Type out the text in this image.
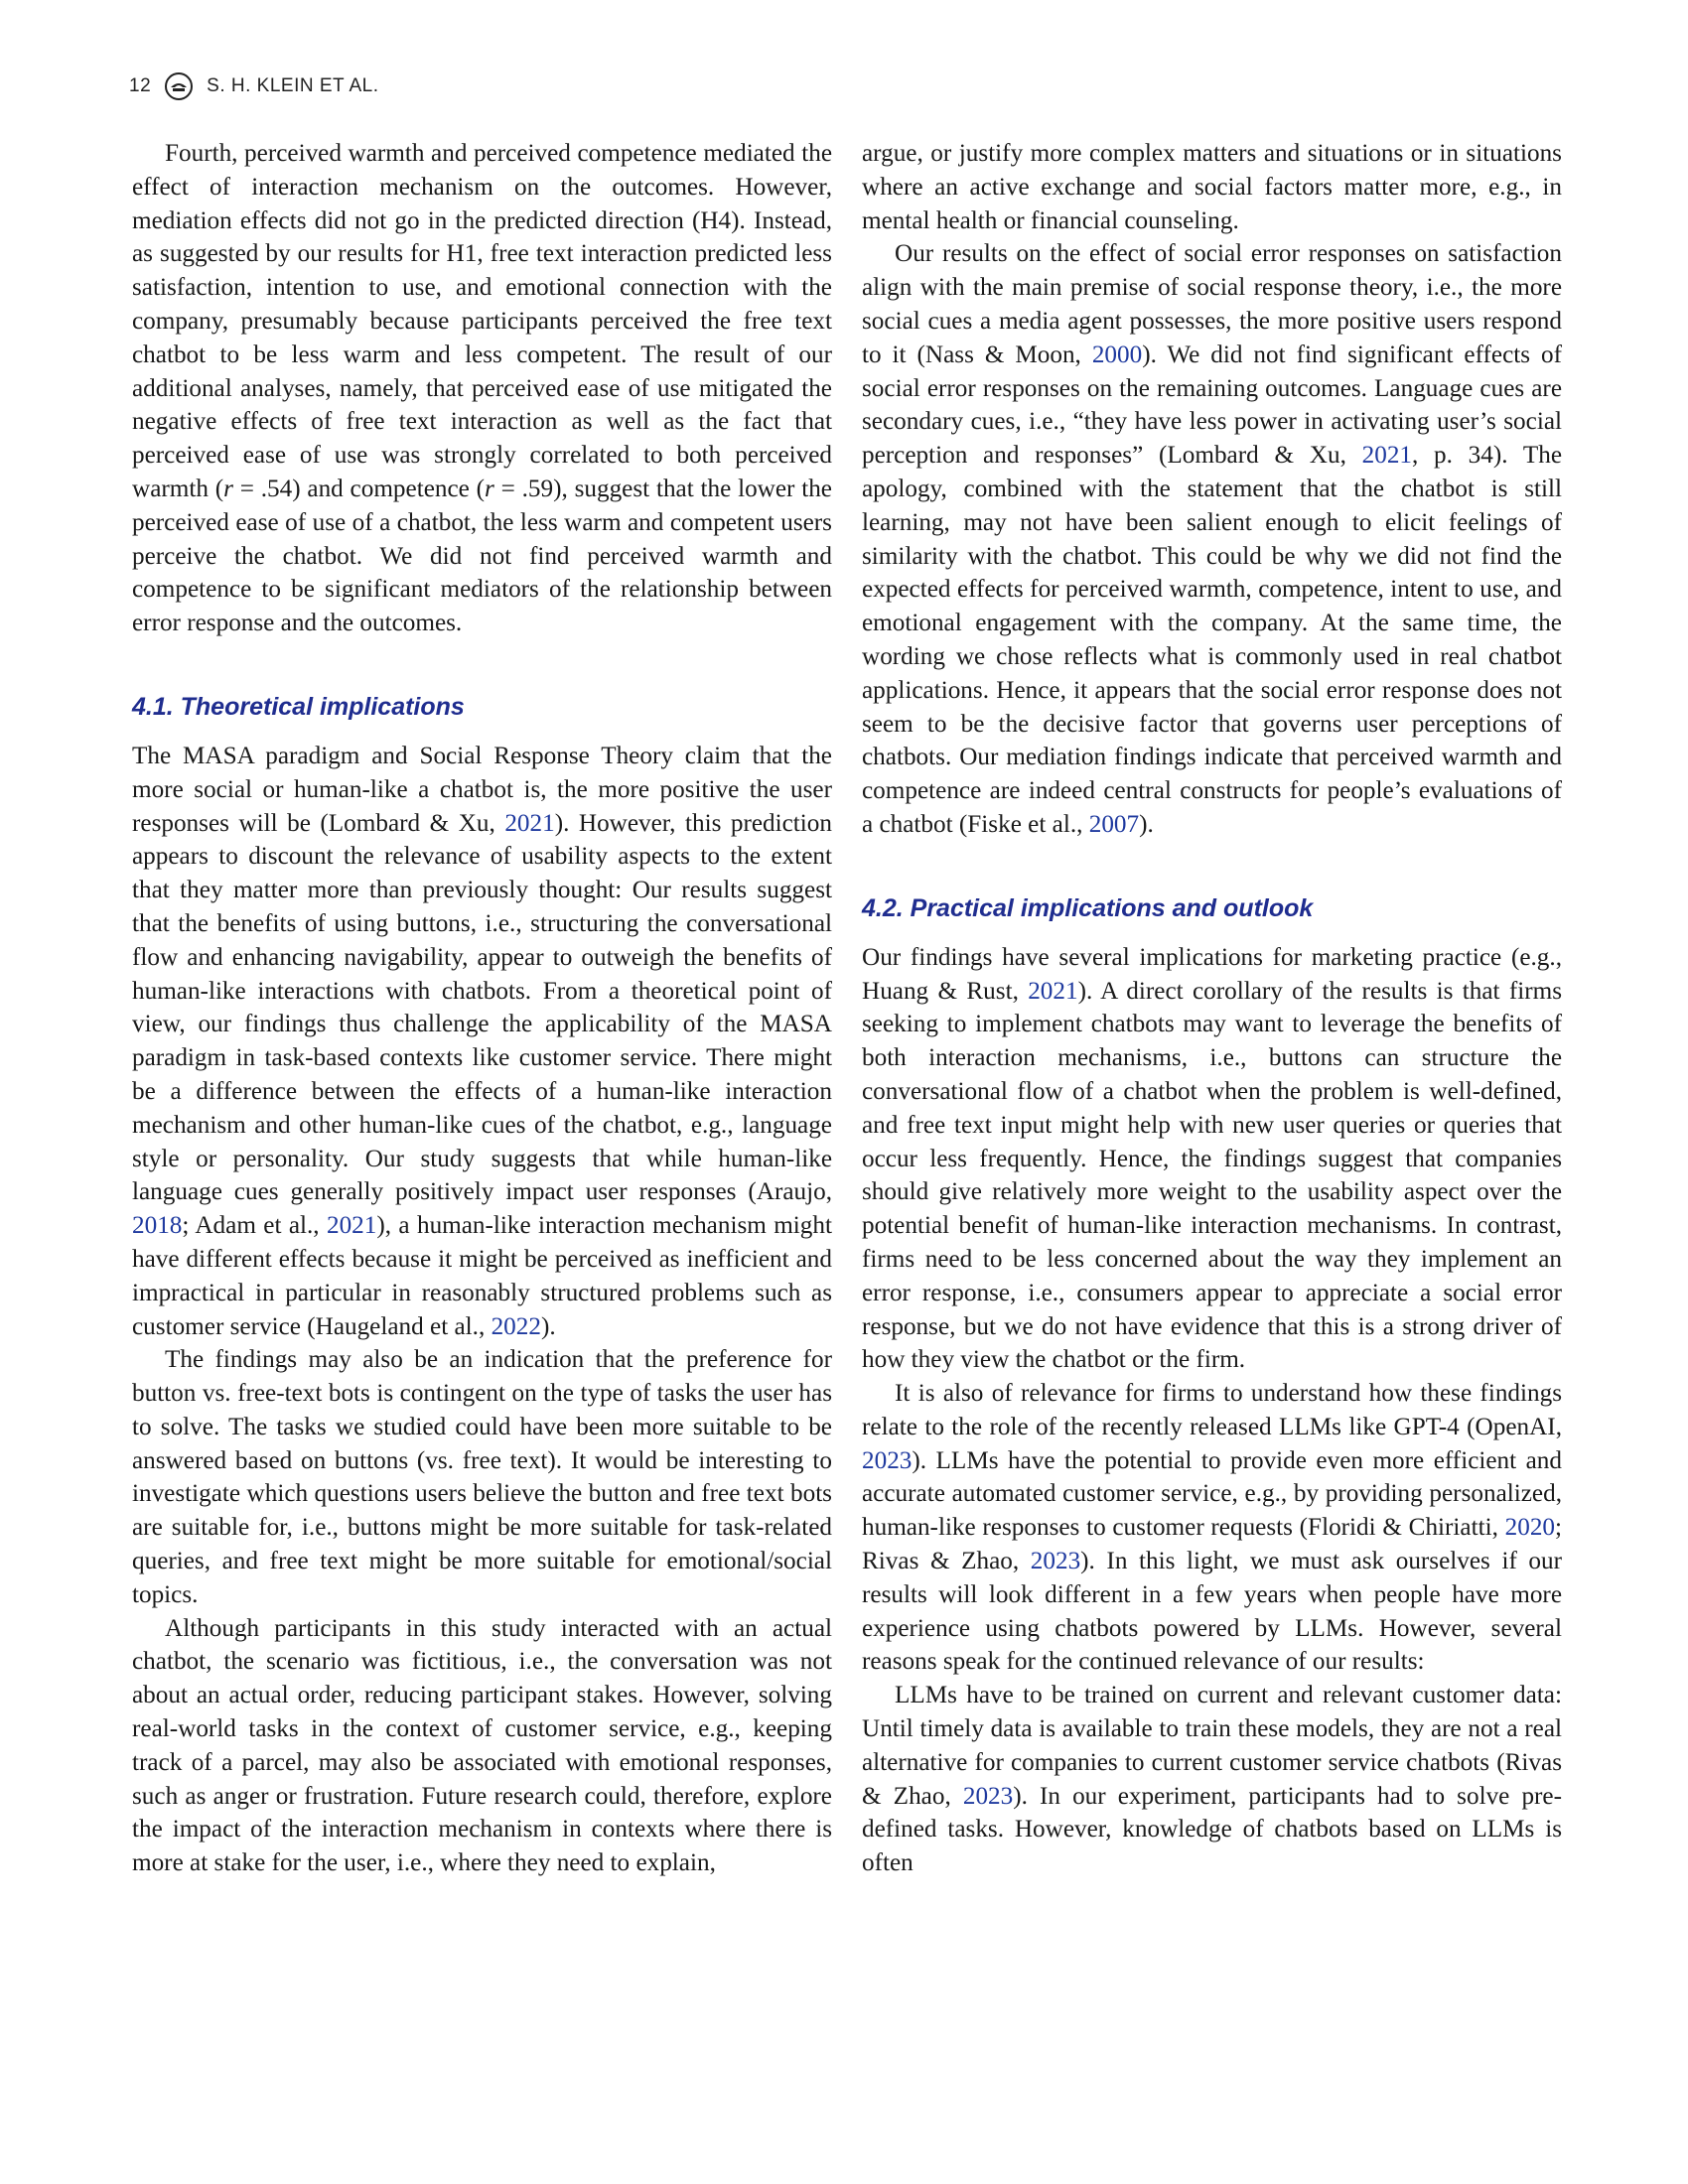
12	S. H. KLEIN ET AL.

Fourth, perceived warmth and perceived competence mediated the effect of interaction mechanism on the outcomes. However, mediation effects did not go in the predicted direction (H4). Instead, as suggested by our results for H1, free text interaction predicted less satisfaction, intention to use, and emotional connection with the company, presumably because participants perceived the free text chatbot to be less warm and less competent. The result of our additional analyses, namely, that perceived ease of use mitigated the negative effects of free text interaction as well as the fact that perceived ease of use was strongly correlated to both perceived warmth (r = .54) and competence (r = .59), suggest that the lower the perceived ease of use of a chatbot, the less warm and competent users perceive the chatbot. We did not find perceived warmth and competence to be significant mediators of the relationship between error response and the outcomes.

4.1. Theoretical implications

The MASA paradigm and Social Response Theory claim that the more social or human-like a chatbot is, the more positive the user responses will be (Lombard & Xu, 2021). However, this prediction appears to discount the relevance of usability aspects to the extent that they matter more than previously thought: Our results suggest that the benefits of using buttons, i.e., structuring the conversational flow and enhancing navigability, appear to outweigh the benefits of human-like interactions with chatbots. From a theoretical point of view, our findings thus challenge the applicability of the MASA paradigm in task-based contexts like customer service. There might be a difference between the effects of a human-like interaction mechanism and other human-like cues of the chatbot, e.g., language style or personality. Our study suggests that while human-like language cues generally positively impact user responses (Araujo, 2018; Adam et al., 2021), a human-like interaction mechanism might have different effects because it might be perceived as inefficient and impractical in particular in reasonably structured problems such as customer service (Haugeland et al., 2022).

The findings may also be an indication that the preference for button vs. free-text bots is contingent on the type of tasks the user has to solve. The tasks we studied could have been more suitable to be answered based on buttons (vs. free text). It would be interesting to investigate which questions users believe the button and free text bots are suitable for, i.e., buttons might be more suitable for task-related queries, and free text might be more suitable for emotional/social topics.

Although participants in this study interacted with an actual chatbot, the scenario was fictitious, i.e., the conversation was not about an actual order, reducing participant stakes. However, solving real-world tasks in the context of customer service, e.g., keeping track of a parcel, may also be associated with emotional responses, such as anger or frustration. Future research could, therefore, explore the impact of the interaction mechanism in contexts where there is more at stake for the user, i.e., where they need to explain,

argue, or justify more complex matters and situations or in situations where an active exchange and social factors matter more, e.g., in mental health or financial counseling.

Our results on the effect of social error responses on satisfaction align with the main premise of social response theory, i.e., the more social cues a media agent possesses, the more positive users respond to it (Nass & Moon, 2000). We did not find significant effects of social error responses on the remaining outcomes. Language cues are secondary cues, i.e., “they have less power in activating user’s social perception and responses” (Lombard & Xu, 2021, p. 34). The apology, combined with the statement that the chatbot is still learning, may not have been salient enough to elicit feelings of similarity with the chatbot. This could be why we did not find the expected effects for perceived warmth, competence, intent to use, and emotional engagement with the company. At the same time, the wording we chose reflects what is commonly used in real chatbot applications. Hence, it appears that the social error response does not seem to be the decisive factor that governs user perceptions of chatbots. Our mediation findings indicate that perceived warmth and competence are indeed central constructs for people’s evaluations of a chatbot (Fiske et al., 2007).

4.2. Practical implications and outlook

Our findings have several implications for marketing practice (e.g., Huang & Rust, 2021). A direct corollary of the results is that firms seeking to implement chatbots may want to leverage the benefits of both interaction mechanisms, i.e., buttons can structure the conversational flow of a chatbot when the problem is well-defined, and free text input might help with new user queries or queries that occur less frequently. Hence, the findings suggest that companies should give relatively more weight to the usability aspect over the potential benefit of human-like interaction mechanisms. In contrast, firms need to be less concerned about the way they implement an error response, i.e., consumers appear to appreciate a social error response, but we do not have evidence that this is a strong driver of how they view the chatbot or the firm.

It is also of relevance for firms to understand how these findings relate to the role of the recently released LLMs like GPT-4 (OpenAI, 2023). LLMs have the potential to provide even more efficient and accurate automated customer service, e.g., by providing personalized, human-like responses to customer requests (Floridi & Chiriatti, 2020; Rivas & Zhao, 2023). In this light, we must ask ourselves if our results will look different in a few years when people have more experience using chatbots powered by LLMs. However, several reasons speak for the continued relevance of our results:

LLMs have to be trained on current and relevant customer data: Until timely data is available to train these models, they are not a real alternative for companies to current customer service chatbots (Rivas & Zhao, 2023). In our experiment, participants had to solve pre-defined tasks. However, knowledge of chatbots based on LLMs is often
